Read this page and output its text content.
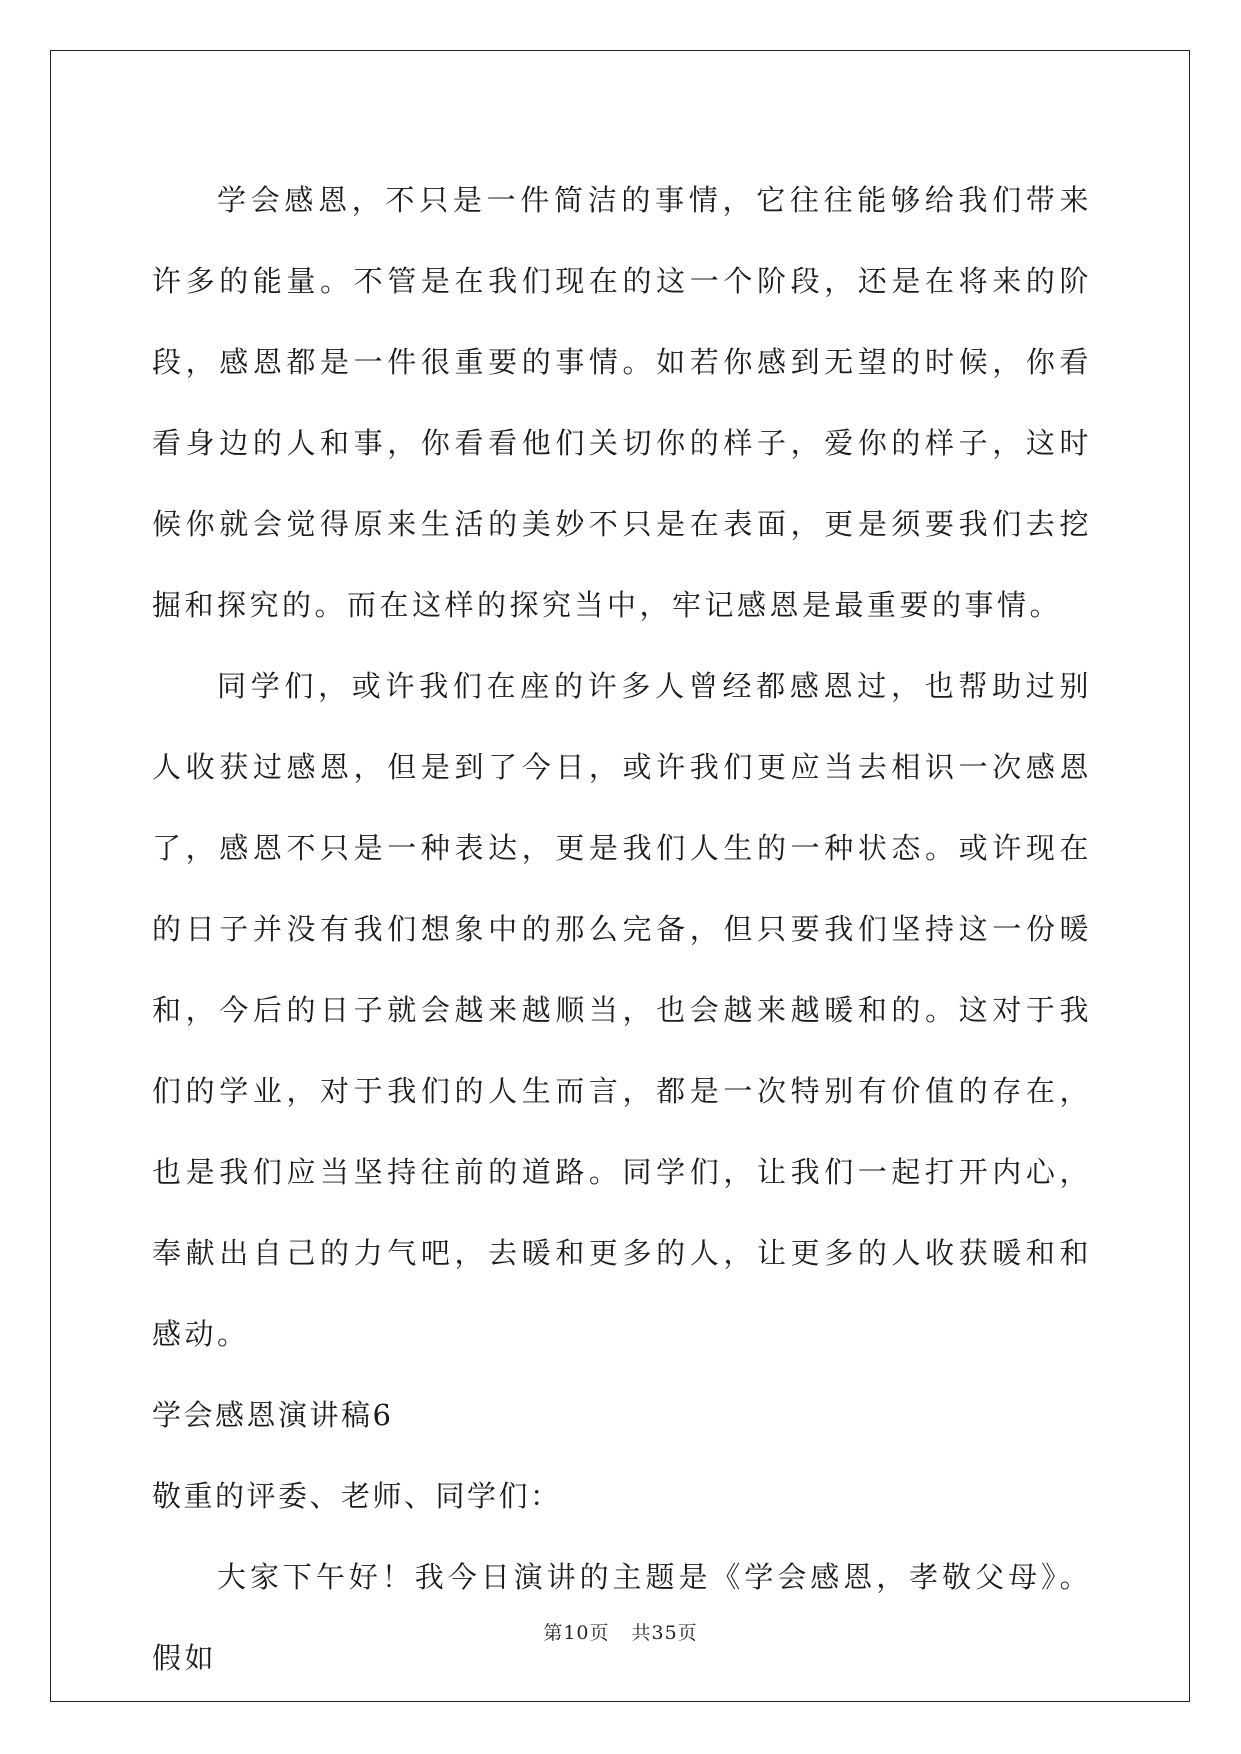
学会感恩，不只是一件简洁的事情，它往往能够给我们带来许多的能量。不管是在我们现在的这一个阶段，还是在将来的阶段，感恩都是一件很重要的事情。如若你感到无望的时候，你看看身边的人和事，你看看他们关切你的样子，爱你的样子，这时候你就会觉得原来生活的美妙不只是在表面，更是须要我们去挖掘和探究的。而在这样的探究当中，牢记感恩是最重要的事情。

同学们，或许我们在座的许多人曾经都感恩过，也帮助过别人收获过感恩，但是到了今日，或许我们更应当去相识一次感恩了，感恩不只是一种表达，更是我们人生的一种状态。或许现在的日子并没有我们想象中的那么完备，但只要我们坚持这一份暖和，今后的日子就会越来越顺当，也会越来越暖和的。这对于我们的学业，对于我们的人生而言，都是一次特别有价值的存在，也是我们应当坚持往前的道路。同学们，让我们一起打开内心，奉献出自己的力气吧，去暖和更多的人，让更多的人收获暖和和感动。

学会感恩演讲稿6

敬重的评委、老师、同学们：

大家下午好！我今日演讲的主题是《学会感恩，孝敬父母》。假如

第10页 共35页
